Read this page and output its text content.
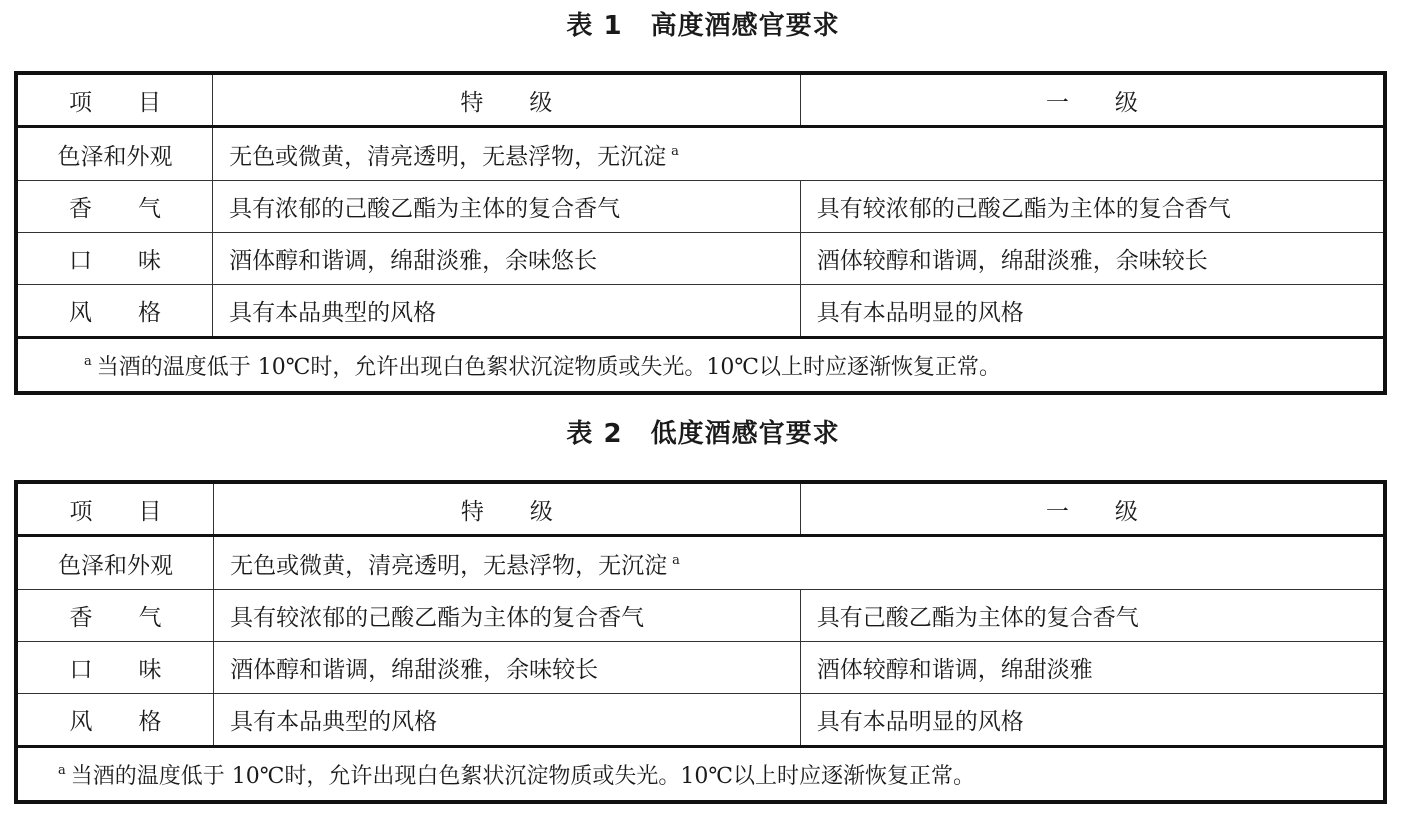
表 1 高度酒感官要求
项　　目	特　　级	一　　级
色泽和外观	无色或微黄，清亮透明，无悬浮物，无沉淀 $^a$
香　　气	具有浓郁的己酸乙酯为主体的复合香气	具有较浓郁的己酸乙酯为主体的复合香气
口　　味	酒体醇和谐调，绵甜淡雅，余味悠长	酒体较醇和谐调，绵甜淡雅，余味较长
风　　格	具有本品典型的风格	具有本品明显的风格
$^a$ 当酒的温度低于 10℃时，允许出现白色絮状沉淀物质或失光。10℃以上时应逐渐恢复正常。		
表 2 低度酒感官要求
项　　目	特　　级	一　　级
色泽和外观	无色或微黄，清亮透明，无悬浮物，无沉淀 $^a$
香　　气	具有较浓郁的己酸乙酯为主体的复合香气	具有己酸乙酯为主体的复合香气
口　　味	酒体醇和谐调，绵甜淡雅，余味较长	酒体较醇和谐调，绵甜淡雅
风　　格	具有本品典型的风格	具有本品明显的风格
$^a$ 当酒的温度低于 10℃时，允许出现白色絮状沉淀物质或失光。10℃以上时应逐渐恢复正常。		
